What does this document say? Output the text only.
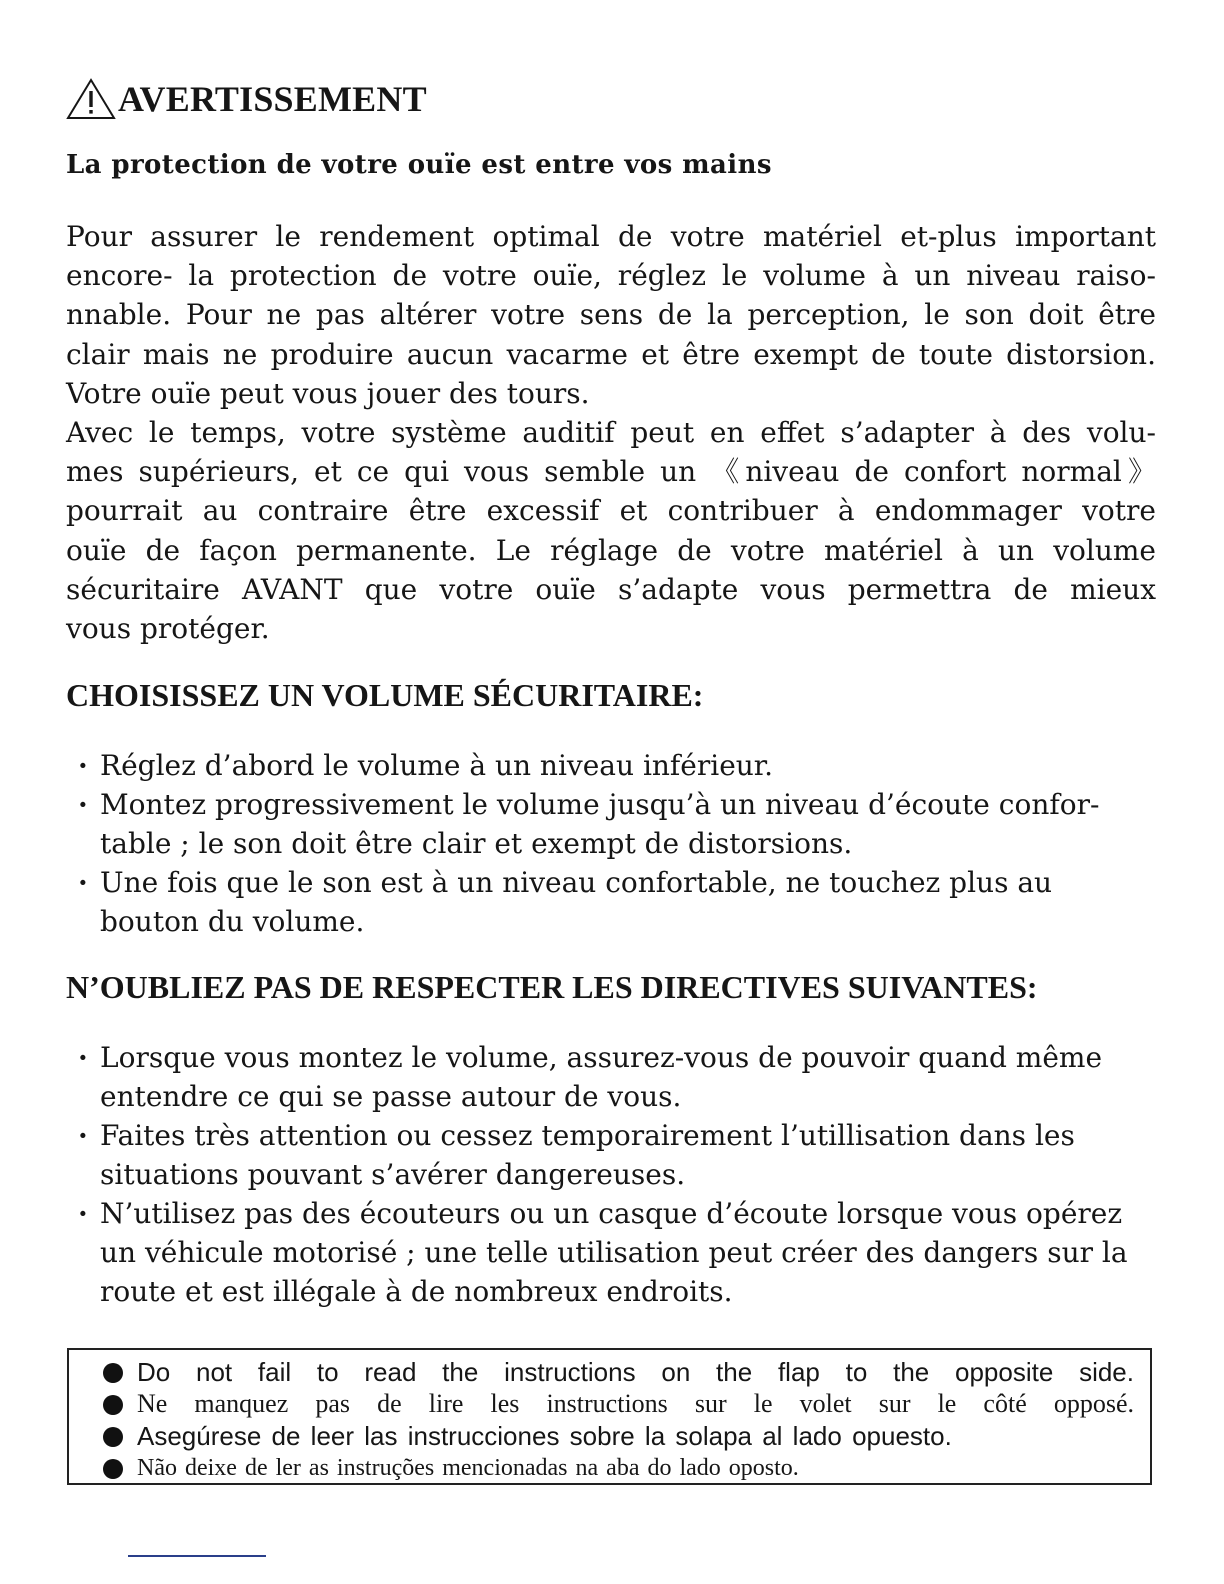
AVERTISSEMENT
La protection de votre ouïe est entre vos mains
Pour assurer le rendement optimal de votre matériel et-plus important
encore- la protection de votre ouïe, réglez le volume à un niveau raiso-
nnable. Pour ne pas altérer votre sens de la perception, le son doit être
clair mais ne produire aucun vacarme et être exempt de toute distorsion.
Votre ouïe peut vous jouer des tours.
Avec le temps, votre système auditif peut en effet s’adapter à des volu-
mes supérieurs, et ce qui vous semble un 《niveau de confort normal》
pourrait au contraire être excessif et contribuer à endommager votre
ouïe de façon permanente. Le réglage de votre matériel à un volume
sécuritaire AVANT que votre ouïe s’adapte vous permettra de mieux
vous protéger.
CHOISISSEZ UN VOLUME SÉCURITAIRE:
· Réglez d’abord le volume à un niveau inférieur.
· Montez progressivement le volume jusqu’à un niveau d’écoute confor- table ; le son doit être clair et exempt de distorsions.
· Une fois que le son est à un niveau confortable, ne touchez plus au bouton du volume.
N’OUBLIEZ PAS DE RESPECTER LES DIRECTIVES SUIVANTES:
· Lorsque vous montez le volume, assurez-vous de pouvoir quand même entendre ce qui se passe autour de vous.
· Faites très attention ou cessez temporairement l’utillisation dans les situations pouvant s’avérer dangereuses.
· N’utilisez pas des écouteurs ou un casque d’écoute lorsque vous opérez un véhicule motorisé ; une telle utilisation peut créer des dangers sur la route et est illégale à de nombreux endroits.
Do not fail to read the instructions on the flap to the opposite side.
Ne manquez pas de lire les instructions sur le volet sur le côté opposé.
Asegúrese de leer las instrucciones sobre la solapa al lado opuesto.
Não deixe de ler as instruções mencionadas na aba do lado oposto.
